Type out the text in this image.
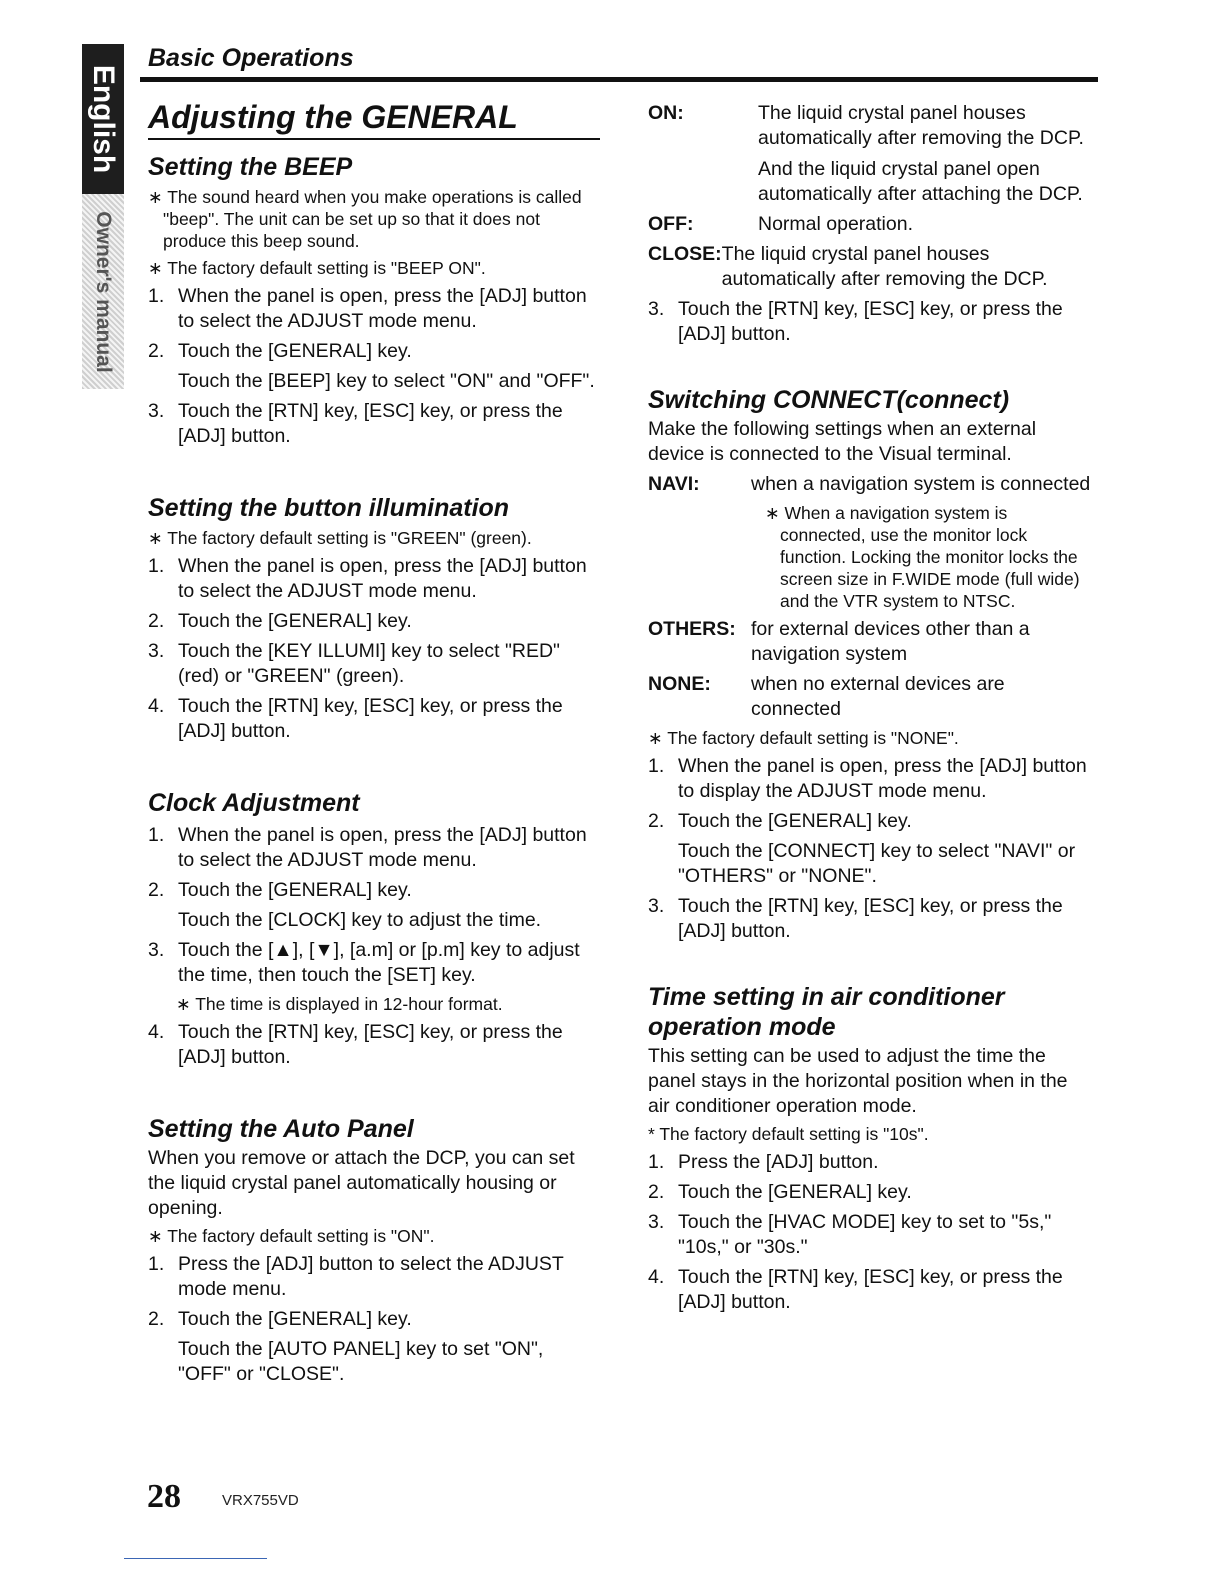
English
Owner's manual
Basic Operations
Adjusting the GENERAL
Setting the BEEP

∗ The sound heard when you make operations is called "beep". The unit can be set up so that it does not produce this beep sound.

∗ The factory default setting is "BEEP ON".

1. When the panel is open, press the [ADJ] button to select the ADJUST mode menu.
2. Touch the [GENERAL] key.

Touch the [BEEP] key to select "ON" and "OFF".

3. Touch the [RTN] key, [ESC] key, or press the [ADJ] button.
Setting the button illumination

∗ The factory default setting is "GREEN" (green).

1. When the panel is open, press the [ADJ] button to select the ADJUST mode menu.
2. Touch the [GENERAL] key.
3. Touch the [KEY ILLUMI] key to select "RED" (red) or "GREEN" (green).
4. Touch the [RTN] key, [ESC] key, or press the [ADJ] button.
Clock Adjustment
1. When the panel is open, press the [ADJ] button to select the ADJUST mode menu.
2. Touch the [GENERAL] key.

Touch the [CLOCK] key to adjust the time.

3. Touch the [▲], [▼], [a.m] or [p.m] key to adjust the time, then touch the [SET] key.

∗ The time is displayed in 12-hour format.

4. Touch the [RTN] key, [ESC] key, or press the [ADJ] button.
Setting the Auto Panel

When you remove or attach the DCP, you can set the liquid crystal panel automatically housing or opening.

∗ The factory default setting is "ON".

1. Press the [ADJ] button to select the ADJUST mode menu.
2. Touch the [GENERAL] key.

Touch the [AUTO PANEL] key to set "ON", "OFF" or "CLOSE".

ON:	The liquid crystal panel houses automatically after removing the DCP.

And the liquid crystal panel open automatically after attaching the DCP.

OFF:	Normal operation.
CLOSE: The liquid crystal panel houses automatically after removing the DCP.
3. Touch the [RTN] key, [ESC] key, or press the [ADJ] button.
Switching CONNECT(connect)

Make the following settings when an external device is connected to the Visual terminal.

NAVI:	when a navigation system is connected

∗ When a navigation system is connected, use the monitor lock function. Locking the monitor locks the screen size in F.WIDE mode (full wide) and the VTR system to NTSC.

OTHERS: for external devices other than a navigation system
NONE:	when no external devices are connected

∗ The factory default setting is "NONE".

1. When the panel is open, press the [ADJ] button to display the ADJUST mode menu.
2. Touch the [GENERAL] key.

Touch the [CONNECT] key to select "NAVI" or "OTHERS" or "NONE".

3. Touch the [RTN] key, [ESC] key, or press the [ADJ] button.
Time setting in air conditioner operation mode

This setting can be used to adjust the time the panel stays in the horizontal position when in the air conditioner operation mode.

* The factory default setting is "10s".

1. Press the [ADJ] button.
2. Touch the [GENERAL] key.
3. Touch the [HVAC MODE] key to set to "5s," "10s," or "30s."
4. Touch the [RTN] key, [ESC] key, or press the [ADJ] button.
28	VRX755VD
